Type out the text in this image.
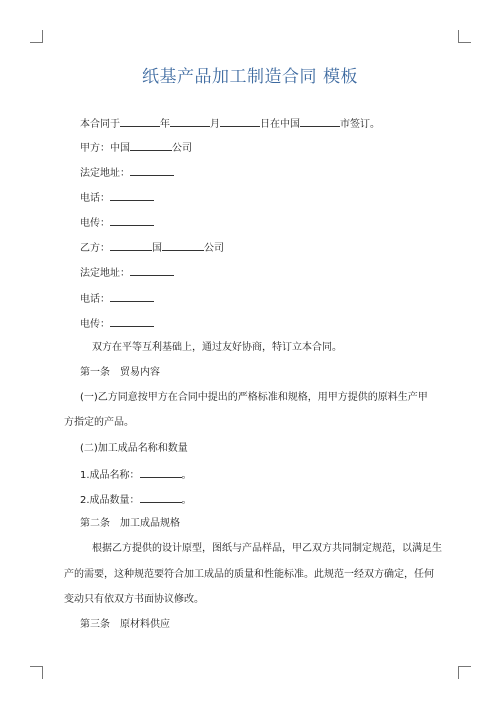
纸基产品加工制造合同 模板
本合同于	年	月	日在中国	市签订。
甲方：中国	公司
法定地址：
电话：
电传：
乙方：	国	公司
法定地址：
电话：
电传：
双方在平等互利基础上，通过友好协商，特订立本合同。
第一条 贸易内容
(一)乙方同意按甲方在合同中提出的严格标准和规格，用甲方提供的原料生产甲
方指定的产品。
(二)加工成品名称和数量
1.成品名称：	。
2.成品数量：	。
第二条 加工成品规格
根据乙方提供的设计原型，图纸与产品样品，甲乙双方共同制定规范，以满足生
产的需要，这种规范要符合加工成品的质量和性能标准。此规范一经双方确定，任何
变动只有依双方书面协议修改。
第三条 原材料供应
